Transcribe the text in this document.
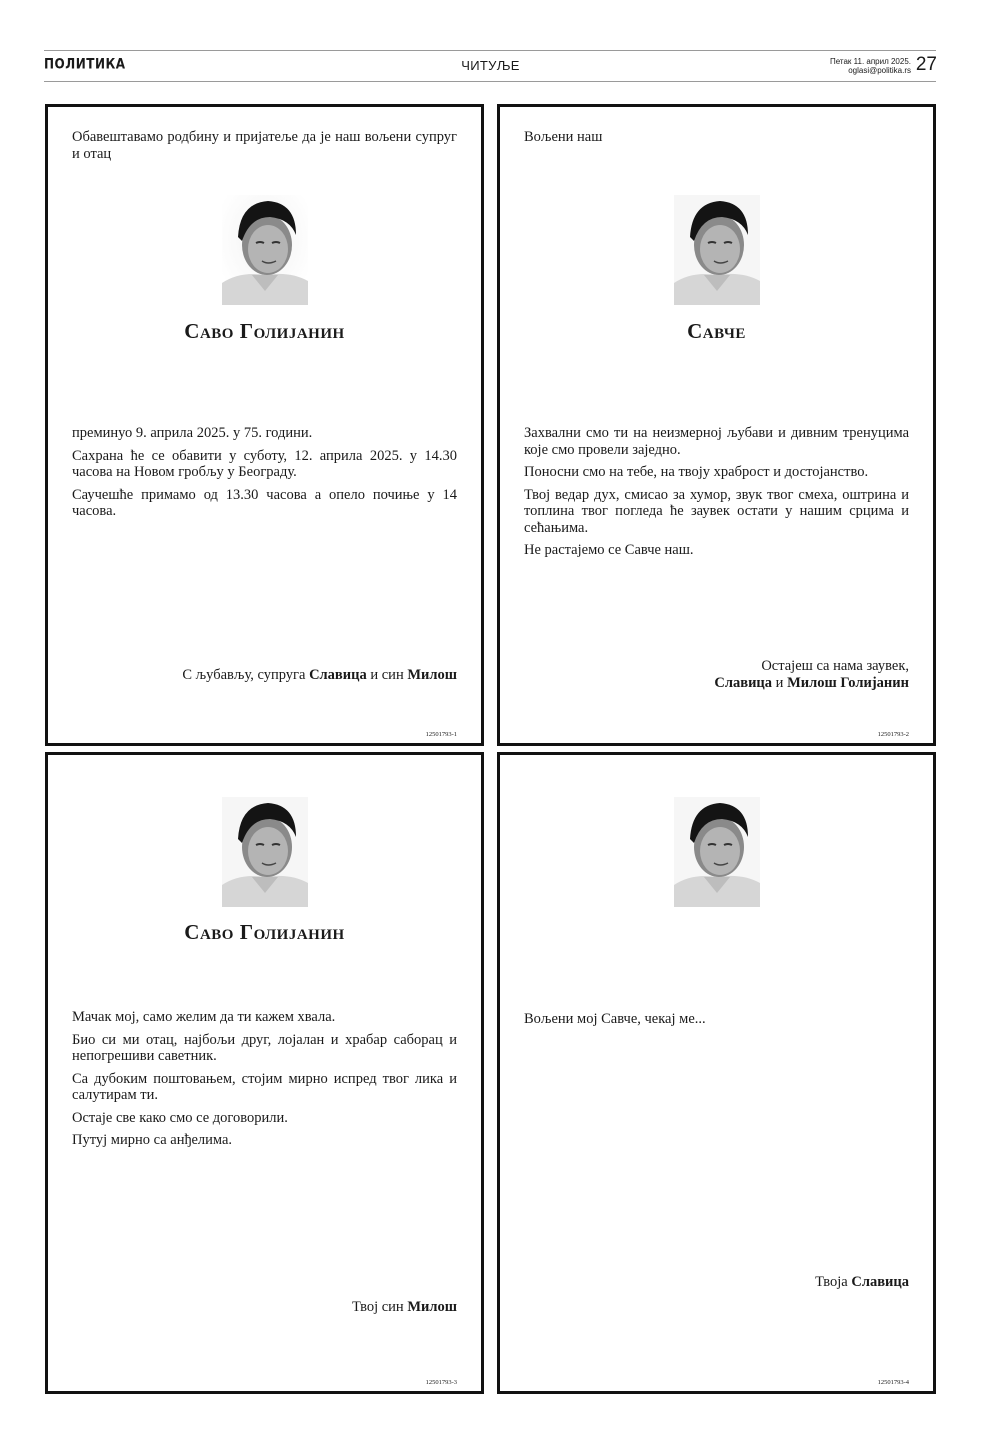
ПОЛИТИКА	ЧИТУЉЕ	Петак 11. април 2025.
oglasi@politika.rs 27
Обавештавамо родбину и пријатеље да је наш вољени супруг и отац
Саво Голијанин

преминуо 9. априла 2025. у 75. години.

Сахрана ће се обавити у суботу, 12. априла 2025. у 14.30 часова на Новом гробљу у Београду.

Саучешће примамо од 13.30 часова а опело почиње у 14 часова.

С љубављу, супруга Славица и син Милош
12501793-1
Вољени наш
Савче

Захвални смо ти на неизмерној љубави и дивним тренуцима које смо провели заједно.

Поносни смо на тебе, на твоју храброст и достојанство.

Твој ведар дух, смисао за хумор, звук твог смеха, оштрина и топлина твог погледа ће заувек остати у нашим срцима и сећањима.

Не растајемо се Савче наш.

Остајеш са нама заувек,
Славица и Милош Голијанин
12501793-2
Саво Голијанин

Мачак мој, само желим да ти кажем хвала.

Био си ми отац, најбољи друг, лојалан и храбар саборац и непогрешиви саветник.

Са дубоким поштовањем, стојим мирно испред твог лика и салутирам ти.

Остаје све како смо се договорили.

Путуј мирно са анђелима.

Твој син Милош
12501793-3

Вољени мој Савче, чекај ме...

Твоја Славица
12501793-4
